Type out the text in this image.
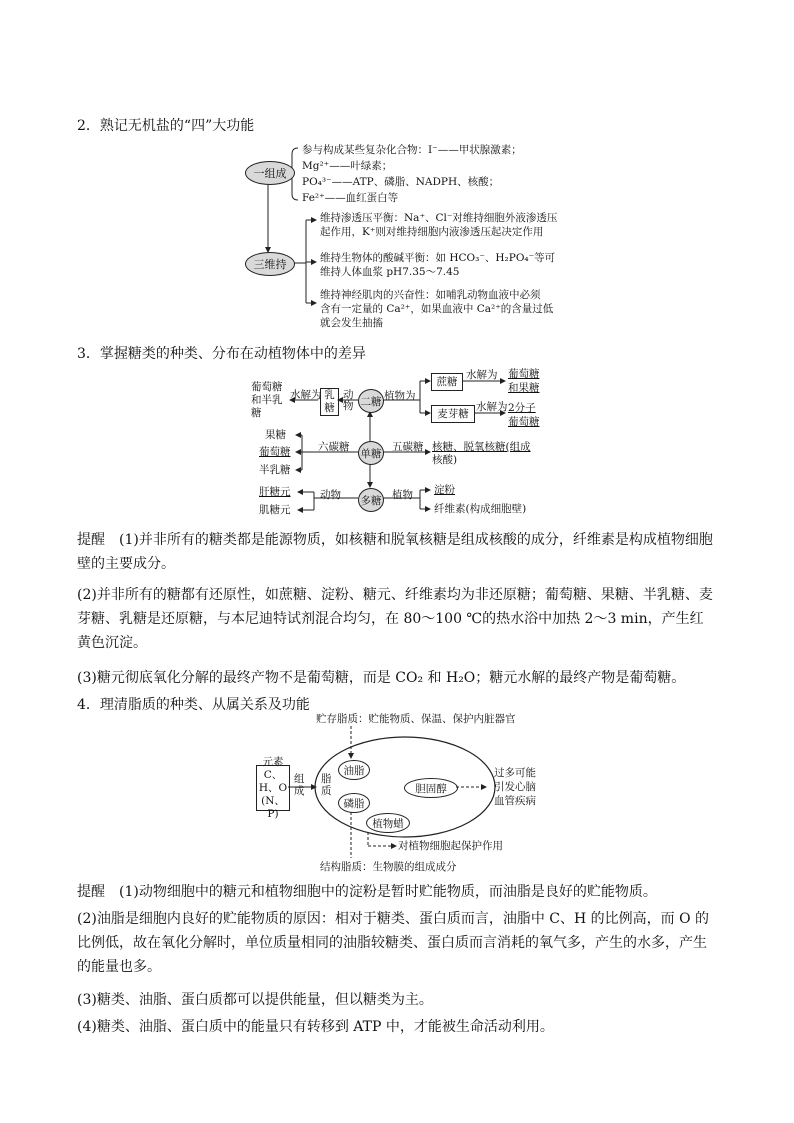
2．熟记无机盐的“四”大功能
一组成
三维持
参与构成某些复杂化合物：I⁻——甲状腺激素；
Mg²⁺——叶绿素；
PO₄³⁻——ATP、磷脂、NADPH、核酸；
Fe²⁺——血红蛋白等
维持渗透压平衡：Na⁺、Cl⁻对维持细胞外液渗透压
起作用，K⁺则对维持细胞内液渗透压起决定作用
维持生物体的酸碱平衡：如 HCO₃⁻、H₂PO₄⁻等可
维持人体血浆 pH7.35～7.45
维持神经肌肉的兴奋性：如哺乳动物血液中必须
含有一定量的 Ca²⁺，如果血液中 Ca²⁺的含量过低
就会发生抽搐
3．掌握糖类的种类、分布在动植物体中的差异
葡萄糖
和半乳
糖
水解为 乳
糖
动
物 二糖 植物为
蔗糖
麦芽糖
水解为
水解为
葡萄糖
和果糖
2分子
葡萄糖
六碳糖	五碳糖
单糖
果糖
葡萄糖
半乳糖
核糖、脱氧核糖(组成
核酸)
动物	植物
多糖
肝糖元
肌糖元
淀粉
纤维素(构成细胞壁)
提醒　(1)并非所有的糖类都是能源物质，如核糖和脱氧核糖是组成核酸的成分，纤维素是构成植物细胞壁的主要成分。
(2)并非所有的糖都有还原性，如蔗糖、淀粉、糖元、纤维素均为非还原糖；葡萄糖、果糖、半乳糖、麦芽糖、乳糖是还原糖，与本尼迪特试剂混合均匀，在 80～100 ℃的热水浴中加热 2～3 min，产生红黄色沉淀。
(3)糖元彻底氧化分解的最终产物不是葡萄糖，而是 CO₂ 和 H₂O；糖元水解的最终产物是葡萄糖。
4．理清脂质的种类、从属关系及功能
贮存脂质：贮能物质、保温、保护内脏器官
元素
C、H、O
(N、P)
组
成
脂
质
油脂
胆固醇
磷脂
植物蜡
过多可能
引发心脑
血管疾病
对植物细胞起保护作用
结构脂质：生物膜的组成成分
提醒　(1)动物细胞中的糖元和植物细胞中的淀粉是暂时贮能物质，而油脂是良好的贮能物质。
(2)油脂是细胞内良好的贮能物质的原因：相对于糖类、蛋白质而言，油脂中 C、H 的比例高，而 O 的比例低，故在氧化分解时，单位质量相同的油脂较糖类、蛋白质而言消耗的氧气多，产生的水多，产生的能量也多。
(3)糖类、油脂、蛋白质都可以提供能量，但以糖类为主。
(4)糖类、油脂、蛋白质中的能量只有转移到 ATP 中，才能被生命活动利用。
